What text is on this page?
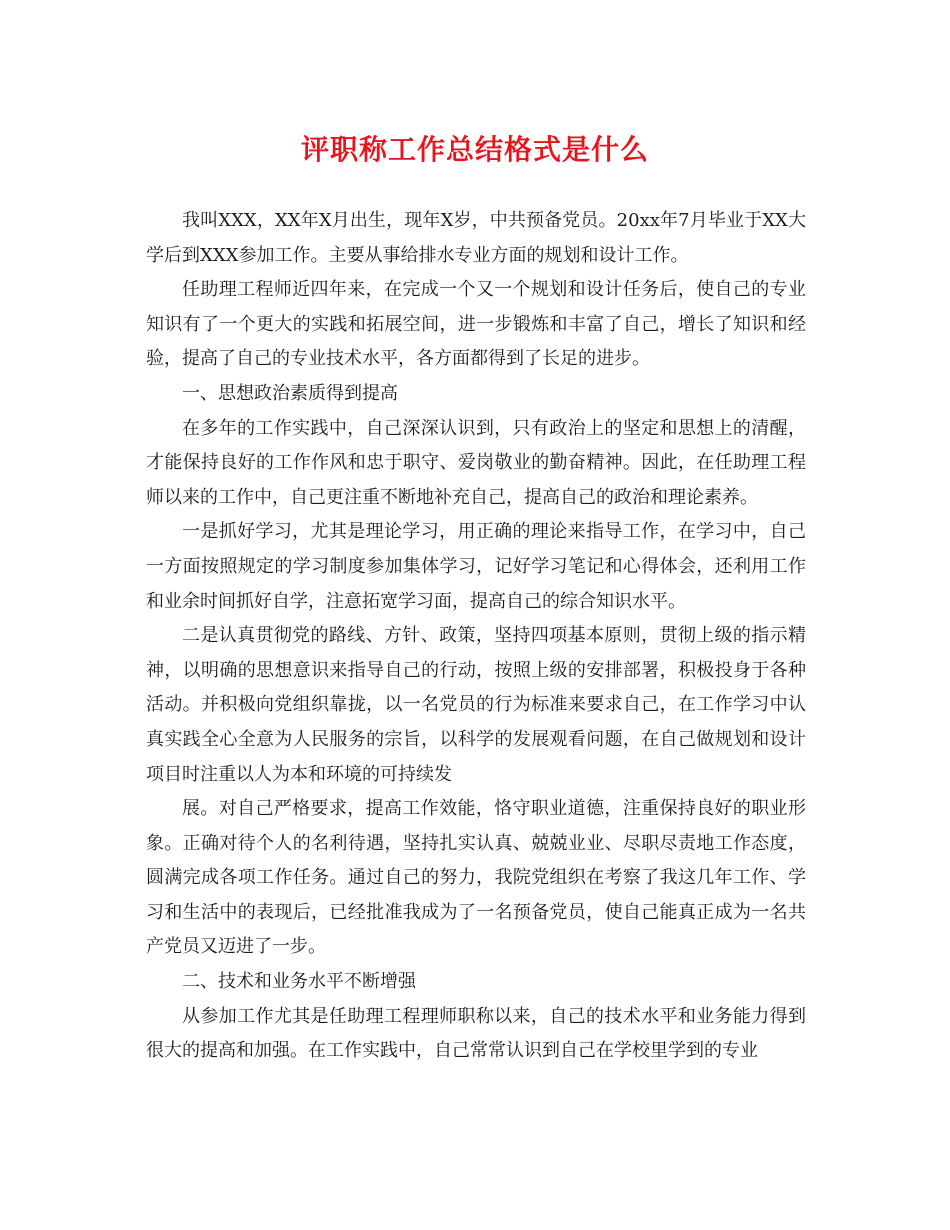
评职称工作总结格式是什么

我叫XXX，XX年X月出生，现年X岁，中共预备党员。20xx年7月毕业于XX大学后到XXX参加工作。主要从事给排水专业方面的规划和设计工作。

任助理工程师近四年来，在完成一个又一个规划和设计任务后，使自己的专业知识有了一个更大的实践和拓展空间，进一步锻炼和丰富了自己，增长了知识和经验，提高了自己的专业技术水平，各方面都得到了长足的进步。

一、思想政治素质得到提高

在多年的工作实践中，自己深深认识到，只有政治上的坚定和思想上的清醒，才能保持良好的工作作风和忠于职守、爱岗敬业的勤奋精神。因此，在任助理工程师以来的工作中，自己更注重不断地补充自己，提高自己的政治和理论素养。

一是抓好学习，尤其是理论学习，用正确的理论来指导工作，在学习中，自己一方面按照规定的学习制度参加集体学习，记好学习笔记和心得体会，还利用工作和业余时间抓好自学，注意拓宽学习面，提高自己的综合知识水平。

二是认真贯彻党的路线、方针、政策，坚持四项基本原则，贯彻上级的指示精神，以明确的思想意识来指导自己的行动，按照上级的安排部署，积极投身于各种活动。并积极向党组织靠拢，以一名党员的行为标准来要求自己，在工作学习中认真实践全心全意为人民服务的宗旨，以科学的发展观看问题，在自己做规划和设计项目时注重以人为本和环境的可持续发

展。对自己严格要求，提高工作效能，恪守职业道德，注重保持良好的职业形象。正确对待个人的名利待遇，坚持扎实认真、兢兢业业、尽职尽责地工作态度，圆满完成各项工作任务。通过自己的努力，我院党组织在考察了我这几年工作、学习和生活中的表现后，已经批准我成为了一名预备党员，使自己能真正成为一名共产党员又迈进了一步。

二、技术和业务水平不断增强

从参加工作尤其是任助理工程理师职称以来，自己的技术水平和业务能力得到很大的提高和加强。在工作实践中，自己常常认识到自己在学校里学到的专业
